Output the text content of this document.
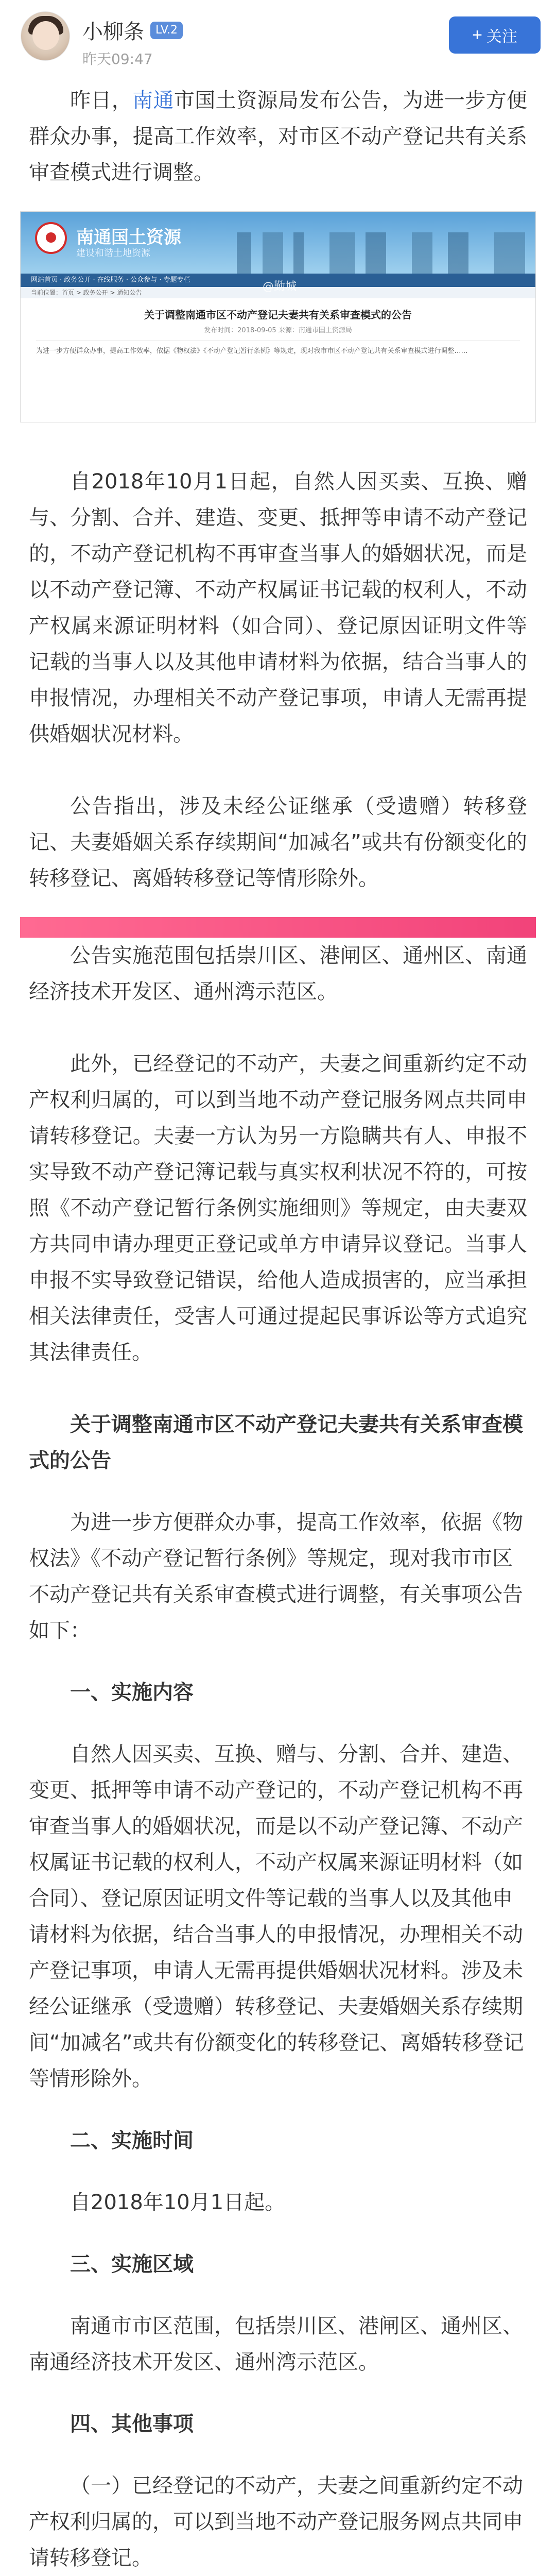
小柳条	LV.2
昨天09:47
+ 关注

昨日，南通市国土资源局发布公告，为进一步方便群众办事，提高工作效率，对市区不动产登记共有关系审查模式进行调整。

南通国土资源
建设和谐土地资源
@勤城
网站首页 · 政务公开 · 在线服务 · 公众参与 · 专题专栏
当前位置：首页 > 政务公开 > 通知公告
关于调整南通市区不动产登记夫妻共有关系审查模式的公告
发布时间：2018-09-05 来源：南通市国土资源局
为进一步方便群众办事，提高工作效率，依据《物权法》《不动产登记暂行条例》等规定，现对我市市区不动产登记共有关系审查模式进行调整……

自2018年10月1日起，自然人因买卖、互换、赠与、分割、合并、建造、变更、抵押等申请不动产登记的，不动产登记机构不再审查当事人的婚姻状况，而是以不动产登记簿、不动产权属证书记载的权利人，不动产权属来源证明材料（如合同）、登记原因证明文件等记载的当事人以及其他申请材料为依据，结合当事人的申报情况，办理相关不动产登记事项，申请人无需再提供婚姻状况材料。

公告指出，涉及未经公证继承（受遗赠）转移登记、夫妻婚姻关系存续期间“加减名”或共有份额变化的转移登记、离婚转移登记等情形除外。

公告实施范围包括崇川区、港闸区、通州区、南通经济技术开发区、通州湾示范区。

此外，已经登记的不动产，夫妻之间重新约定不动产权利归属的，可以到当地不动产登记服务网点共同申请转移登记。夫妻一方认为另一方隐瞒共有人、申报不实导致不动产登记簿记载与真实权利状况不符的，可按照《不动产登记暂行条例实施细则》等规定，由夫妻双方共同申请办理更正登记或单方申请异议登记。当事人申报不实导致登记错误，给他人造成损害的，应当承担相关法律责任，受害人可通过提起民事诉讼等方式追究其法律责任。

关于调整南通市区不动产登记夫妻共有关系审查模式的公告

为进一步方便群众办事，提高工作效率，依据《物权法》《不动产登记暂行条例》等规定，现对我市市区不动产登记共有关系审查模式进行调整，有关事项公告如下：

一、实施内容

自然人因买卖、互换、赠与、分割、合并、建造、变更、抵押等申请不动产登记的，不动产登记机构不再审查当事人的婚姻状况，而是以不动产登记簿、不动产权属证书记载的权利人，不动产权属来源证明材料（如合同）、登记原因证明文件等记载的当事人以及其他申请材料为依据，结合当事人的申报情况，办理相关不动产登记事项，申请人无需再提供婚姻状况材料。涉及未经公证继承（受遗赠）转移登记、夫妻婚姻关系存续期间“加减名”或共有份额变化的转移登记、离婚转移登记等情形除外。

二、实施时间

自2018年10月1日起。

三、实施区域

南通市市区范围，包括崇川区、港闸区、通州区、南通经济技术开发区、通州湾示范区。

四、其他事项

（一）已经登记的不动产，夫妻之间重新约定不动产权利归属的，可以到当地不动产登记服务网点共同申请转移登记。
